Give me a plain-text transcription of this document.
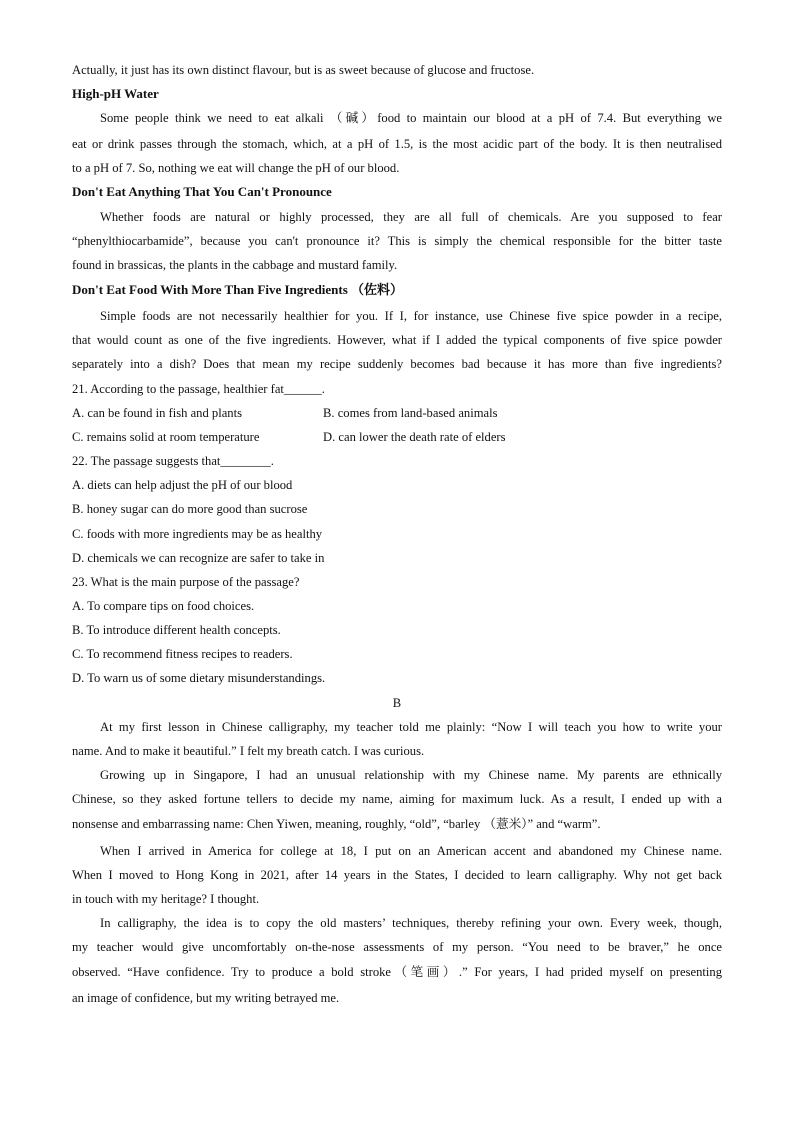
Actually, it just has its own distinct flavour, but is as sweet because of glucose and fructose.
High-pH Water
Some people think we need to eat alkali （碱）food to maintain our blood at a pH of 7.4. But everything we
eat or drink passes through the stomach, which, at a pH of 1.5, is the most acidic part of the body. It is then neutralised
to a pH of 7. So, nothing we eat will change the pH of our blood.
Don't Eat Anything That You Can't Pronounce
Whether foods are natural or highly processed, they are all full of chemicals. Are you supposed to fear
“phenylthiocarbamide”, because you can't pronounce it? This is simply the chemical responsible for the bitter taste
found in brassicas, the plants in the cabbage and mustard family.
Don't Eat Food With More Than Five Ingredients （佐料）
Simple foods are not necessarily healthier for you. If I, for instance, use Chinese five spice powder in a recipe,
that would count as one of the five ingredients. However, what if I added the typical components of five spice powder
separately into a dish? Does that mean my recipe suddenly becomes bad because it has more than five ingredients?
21. According to the passage, healthier fat______.
A. can be found in fish and plants	B. comes from land-based animals
C. remains solid at room temperature	D. can lower the death rate of elders
22. The passage suggests that________.
A. diets can help adjust the pH of our blood
B. honey sugar can do more good than sucrose
C. foods with more ingredients may be as healthy
D. chemicals we can recognize are safer to take in
23. What is the main purpose of the passage?
A. To compare tips on food choices.
B. To introduce different health concepts.
C. To recommend fitness recipes to readers.
D. To warn us of some dietary misunderstandings.
B
At my first lesson in Chinese calligraphy, my teacher told me plainly: “Now I will teach you how to write your
name. And to make it beautiful.” I felt my breath catch. I was curious.
Growing up in Singapore, I had an unusual relationship with my Chinese name. My parents are ethnically
Chinese, so they asked fortune tellers to decide my name, aiming for maximum luck. As a result, I ended up with a
nonsense and embarrassing name: Chen Yiwen, meaning, roughly, “old”, “barley （薏米）” and “warm”.
When I arrived in America for college at 18, I put on an American accent and abandoned my Chinese name.
When I moved to Hong Kong in 2021, after 14 years in the States, I decided to learn calligraphy. Why not get back
in touch with my heritage? I thought.
In calligraphy, the idea is to copy the old masters’ techniques, thereby refining your own. Every week, though,
my teacher would give uncomfortably on-the-nose assessments of my person. “You need to be braver,” he once
observed. “Have confidence. Try to produce a bold stroke（笔画）.” For years, I had prided myself on presenting
an image of confidence, but my writing betrayed me.
